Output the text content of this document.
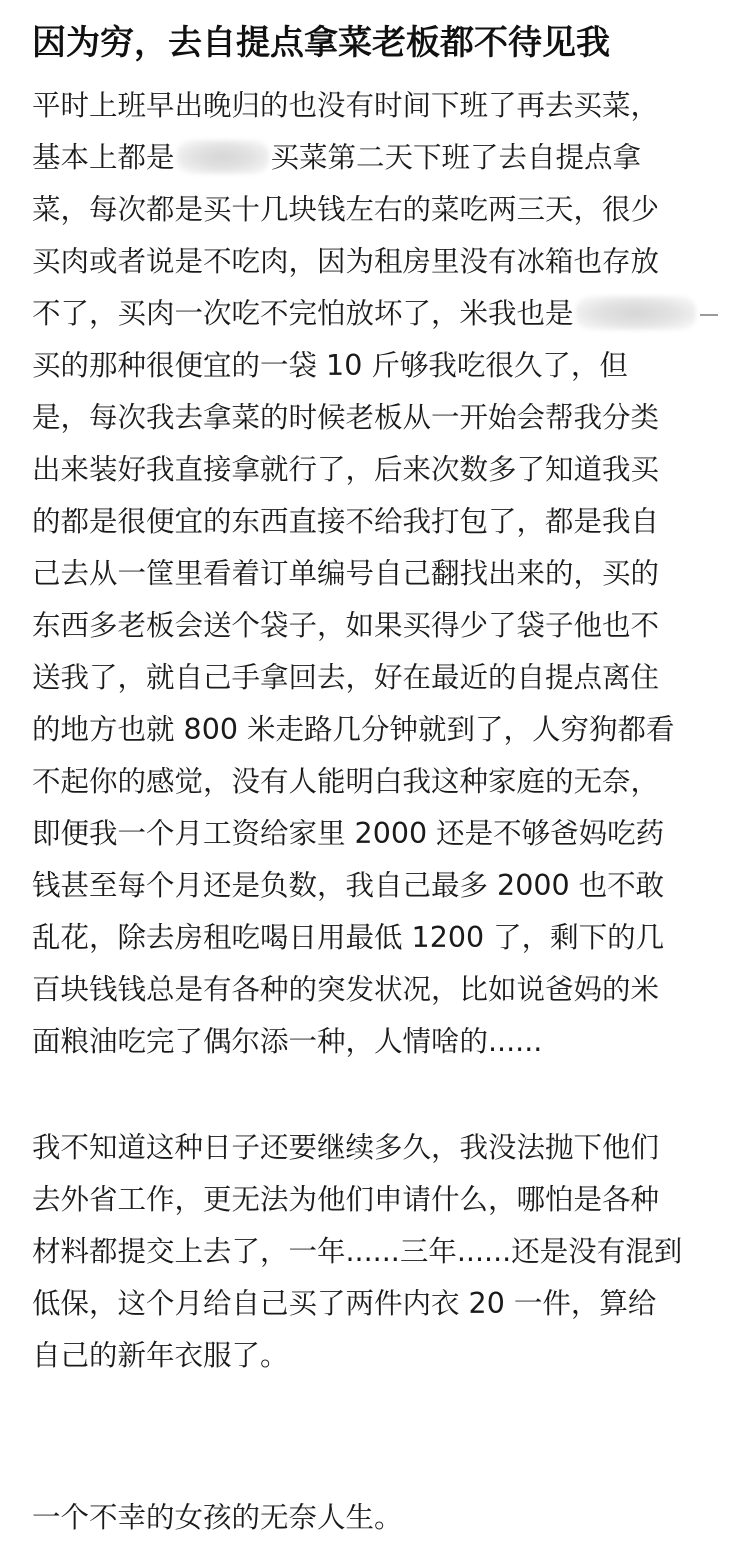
因为穷，去自提点拿菜老板都不待见我
平时上班早出晚归的也没有时间下班了再去买菜，
基本上都是	买菜第二天下班了去自提点拿
菜，每次都是买十几块钱左右的菜吃两三天，很少
买肉或者说是不吃肉，因为租房里没有冰箱也存放
不了，买肉一次吃不完怕放坏了，米我也是
买的那种很便宜的一袋 10 斤够我吃很久了，但
是，每次我去拿菜的时候老板从一开始会帮我分类
出来装好我直接拿就行了，后来次数多了知道我买
的都是很便宜的东西直接不给我打包了，都是我自
己去从一筐里看着订单编号自己翻找出来的，买的
东西多老板会送个袋子，如果买得少了袋子他也不
送我了，就自己手拿回去，好在最近的自提点离住
的地方也就 800 米走路几分钟就到了，人穷狗都看
不起你的感觉，没有人能明白我这种家庭的无奈，
即便我一个月工资给家里 2000 还是不够爸妈吃药
钱甚至每个月还是负数，我自己最多 2000 也不敢
乱花，除去房租吃喝日用最低 1200 了，剩下的几
百块钱钱总是有各种的突发状况，比如说爸妈的米
面粮油吃完了偶尔添一种，人情啥的......
我不知道这种日子还要继续多久，我没法抛下他们
去外省工作，更无法为他们申请什么，哪怕是各种
材料都提交上去了，一年......三年......还是没有混到
低保，这个月给自己买了两件内衣 20 一件，算给
自己的新年衣服了。
一个不幸的女孩的无奈人生。
